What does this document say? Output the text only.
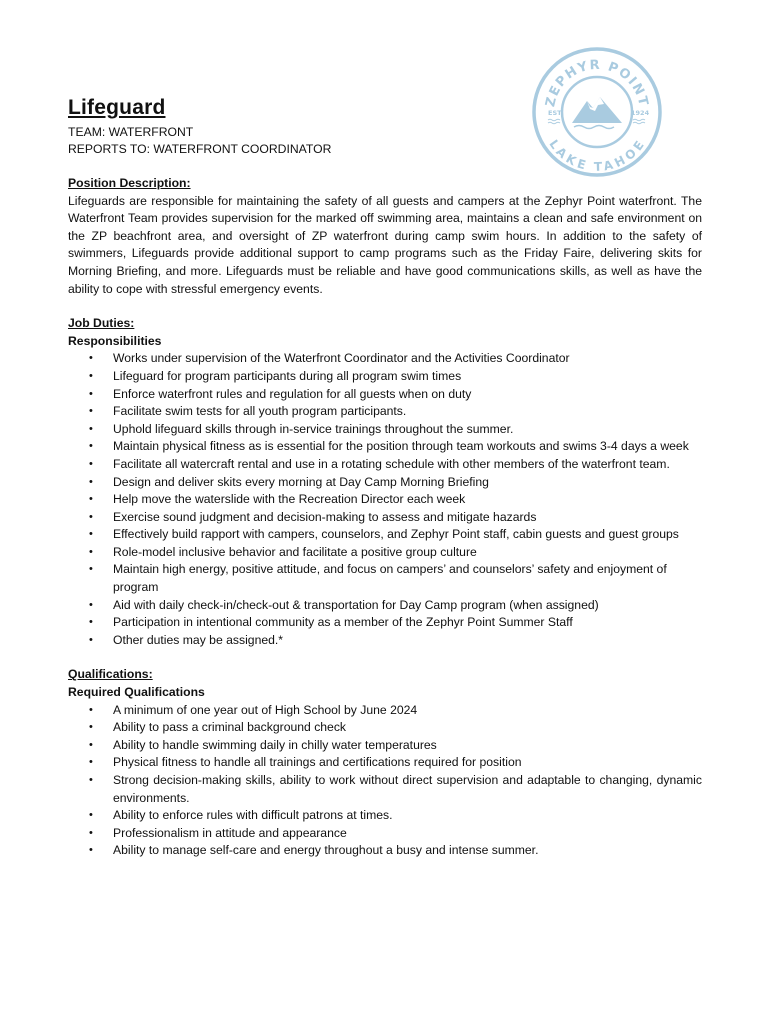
ZEPHYR POINT
LAKE TAHOE
EST.	1924
Lifeguard
TEAM: WATERFRONT
REPORTS TO: WATERFRONT COORDINATOR
Position Description:

Lifeguards are responsible for maintaining the safety of all guests and campers at the Zephyr Point waterfront. The Waterfront Team provides supervision for the marked off swimming area, maintains a clean and safe environment on the ZP beachfront area, and oversight of ZP waterfront during camp swim hours. In addition to the safety of swimmers, Lifeguards provide additional support to camp programs such as the Friday Faire, delivering skits for Morning Briefing, and more. Lifeguards must be reliable and have good communications skills, as well as have the ability to cope with stressful emergency events.

Job Duties:
Responsibilities
• Works under supervision of the Waterfront Coordinator and the Activities Coordinator
• Lifeguard for program participants during all program swim times
• Enforce waterfront rules and regulation for all guests when on duty
• Facilitate swim tests for all youth program participants.
• Uphold lifeguard skills through in-service trainings throughout the summer.
• Maintain physical fitness as is essential for the position through team workouts and swims 3-4 days a week
• Facilitate all watercraft rental and use in a rotating schedule with other members of the waterfront team.
• Design and deliver skits every morning at Day Camp Morning Briefing
• Help move the waterslide with the Recreation Director each week
• Exercise sound judgment and decision-making to assess and mitigate hazards
• Effectively build rapport with campers, counselors, and Zephyr Point staff, cabin guests and guest groups
• Role-model inclusive behavior and facilitate a positive group culture
• Maintain high energy, positive attitude, and focus on campers’ and counselors’ safety and enjoyment of program
• Aid with daily check-in/check-out & transportation for Day Camp program (when assigned)
• Participation in intentional community as a member of the Zephyr Point Summer Staff
• Other duties may be assigned.*
Qualifications:
Required Qualifications
• A minimum of one year out of High School by June 2024
• Ability to pass a criminal background check
• Ability to handle swimming daily in chilly water temperatures
• Physical fitness to handle all trainings and certifications required for position
• Strong decision-making skills, ability to work without direct supervision and adaptable to changing, dynamic environments.
• Ability to enforce rules with difficult patrons at times.
• Professionalism in attitude and appearance
• Ability to manage self-care and energy throughout a busy and intense summer.
